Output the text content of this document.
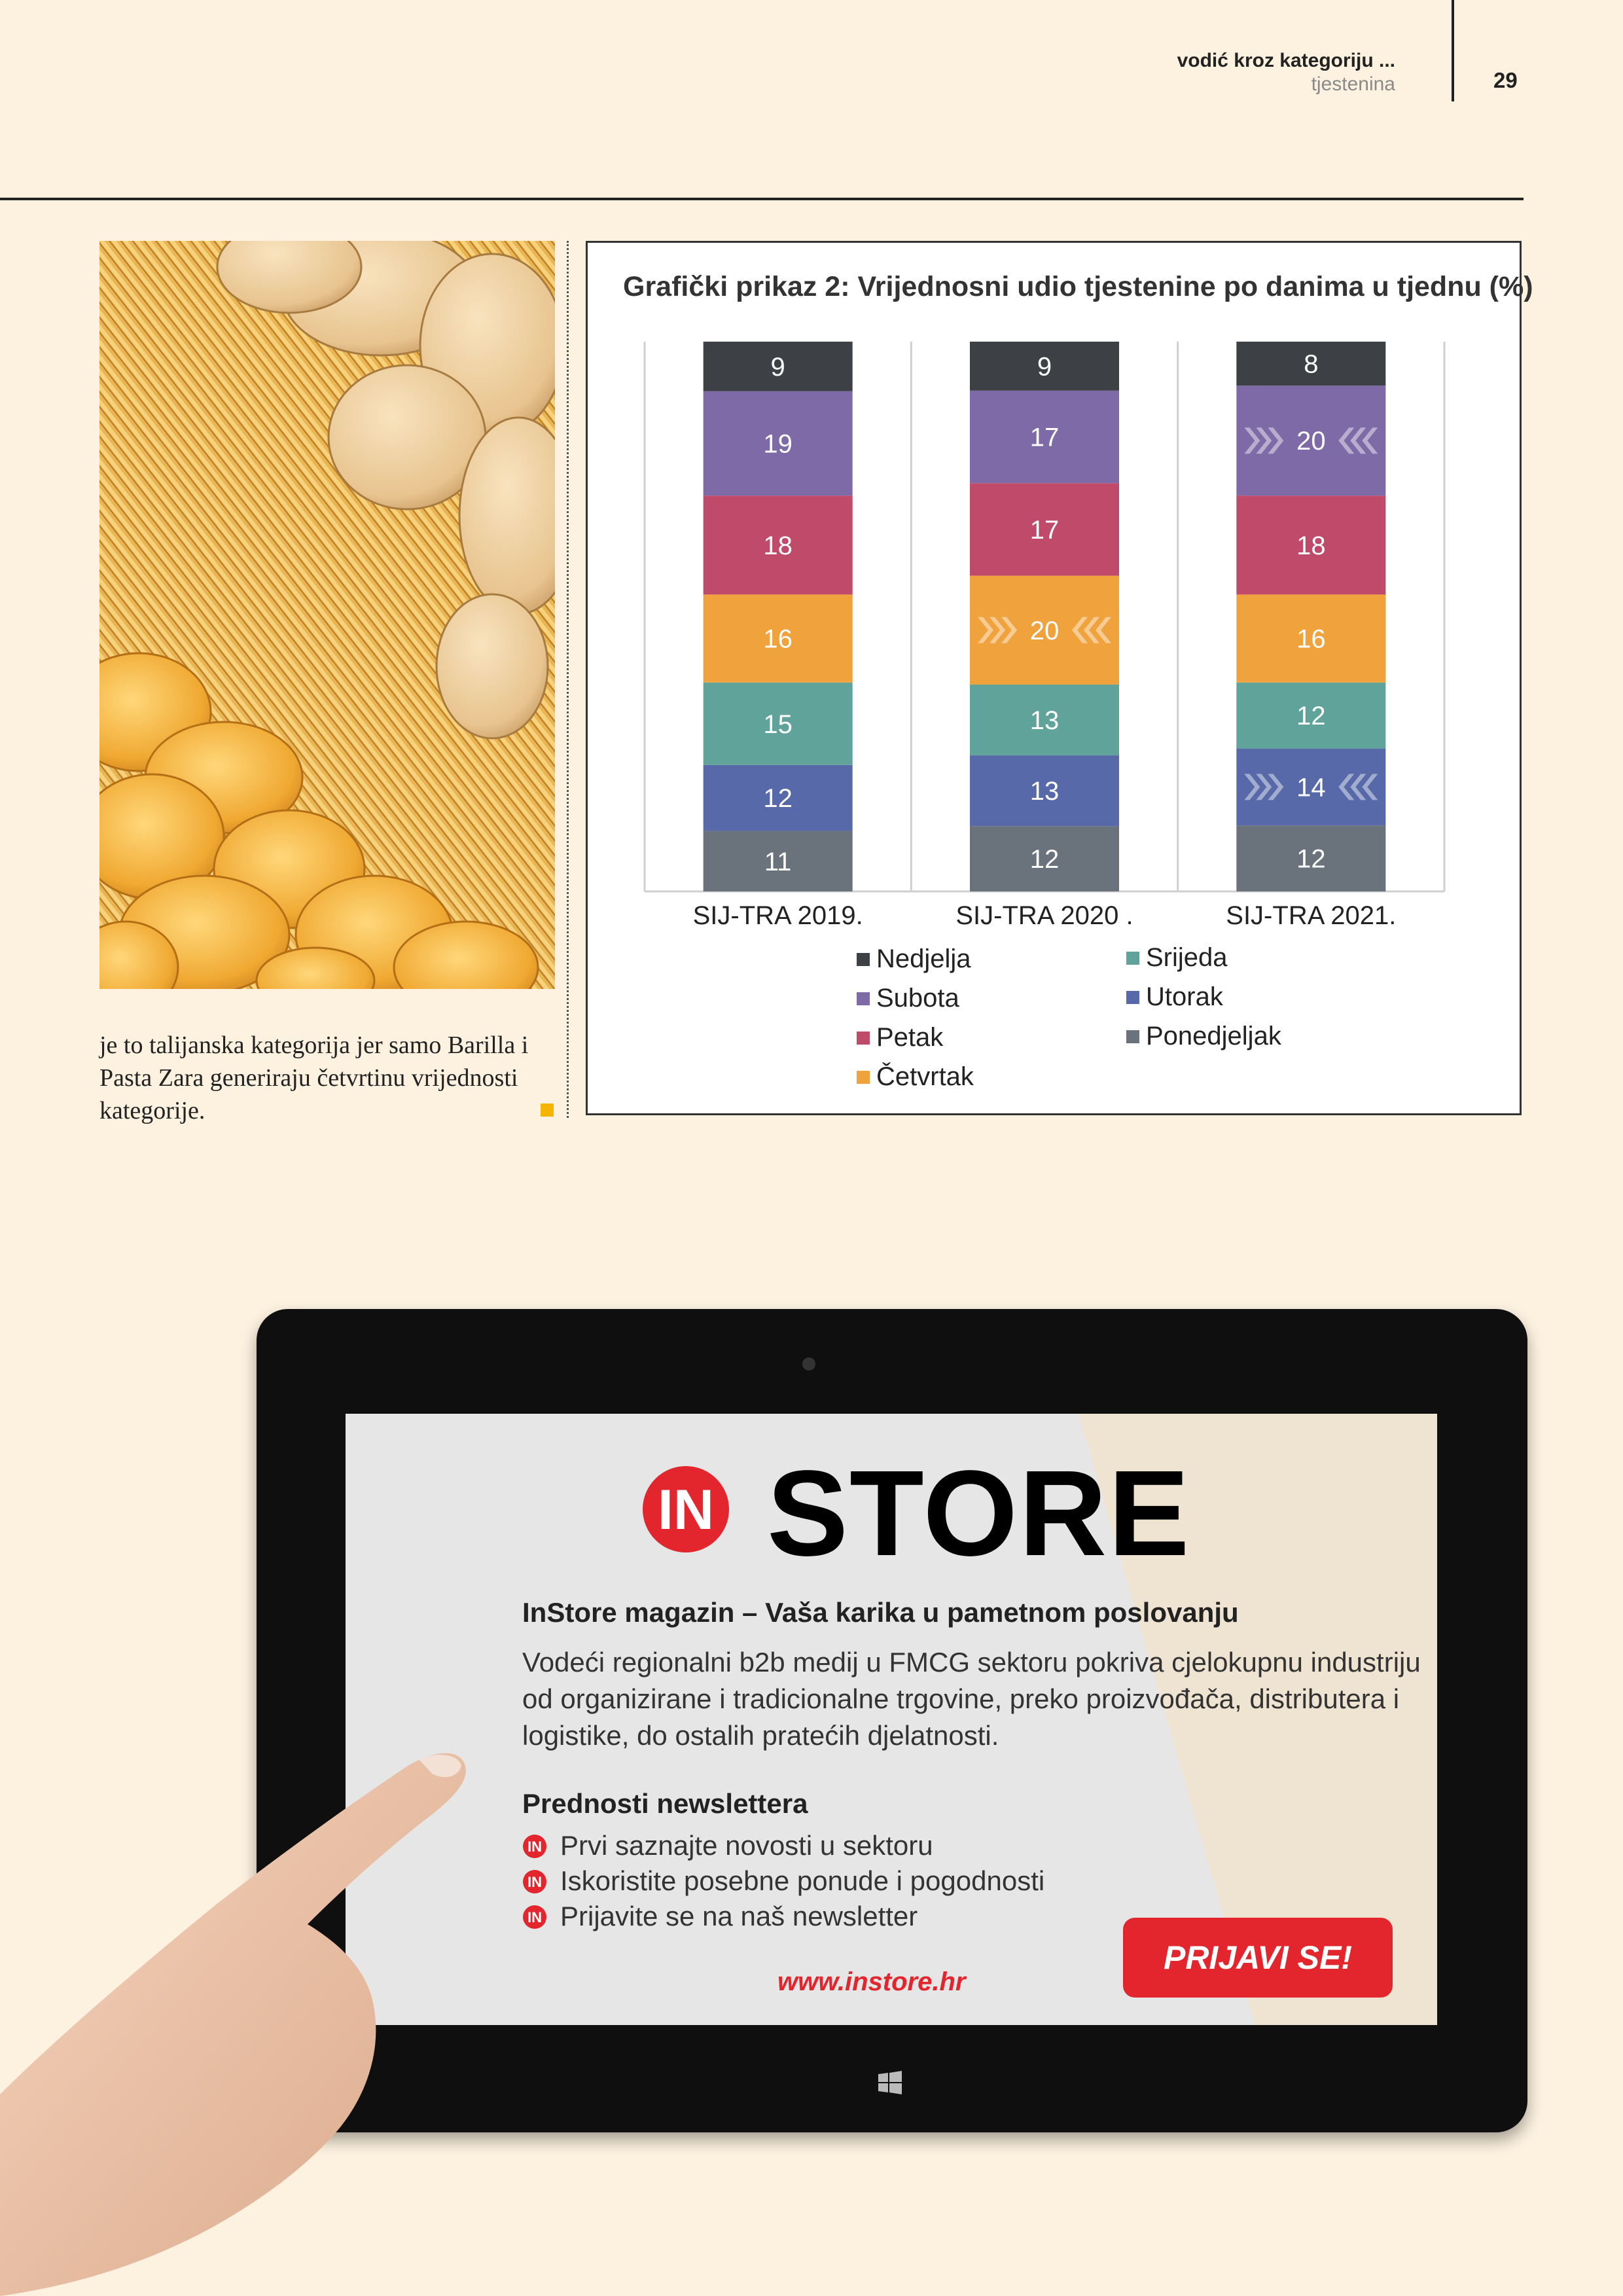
vodić kroz kategoriju ...
tjestenina	29
je to talijanska kategorija jer samo Barilla i
Pasta Zara generiraju četvrtinu vrijednosti
kategorije.
Grafički prikaz 2: Vrijednosni udio tjestenine po danima u tjednu (%)
11
12
15
16
18
19
9
SIJ-TRA 2019.
12
13
13
20
17
17
9
SIJ-TRA 2020 .
12
14
12
16
18
20
8
SIJ-TRA 2021.
Nedjelja
Subota
Petak
Četvrtak
Srijeda
Utorak
Ponedjeljak
IN STORE
InStore magazin – Vaša karika u pametnom poslovanju
Vodeći regionalni b2b medij u FMCG sektoru pokriva cjelokupnu industriju
od organizirane i tradicionalne trgovine, preko proizvođača, distributera i
logistike, do ostalih pratećih djelatnosti.
Prednosti newslettera
IN Prvi saznajte novosti u sektoru
IN Iskoristite posebne ponude i pogodnosti
IN Prijavite se na naš newsletter
www.instore.hr
PRIJAVI SE!
